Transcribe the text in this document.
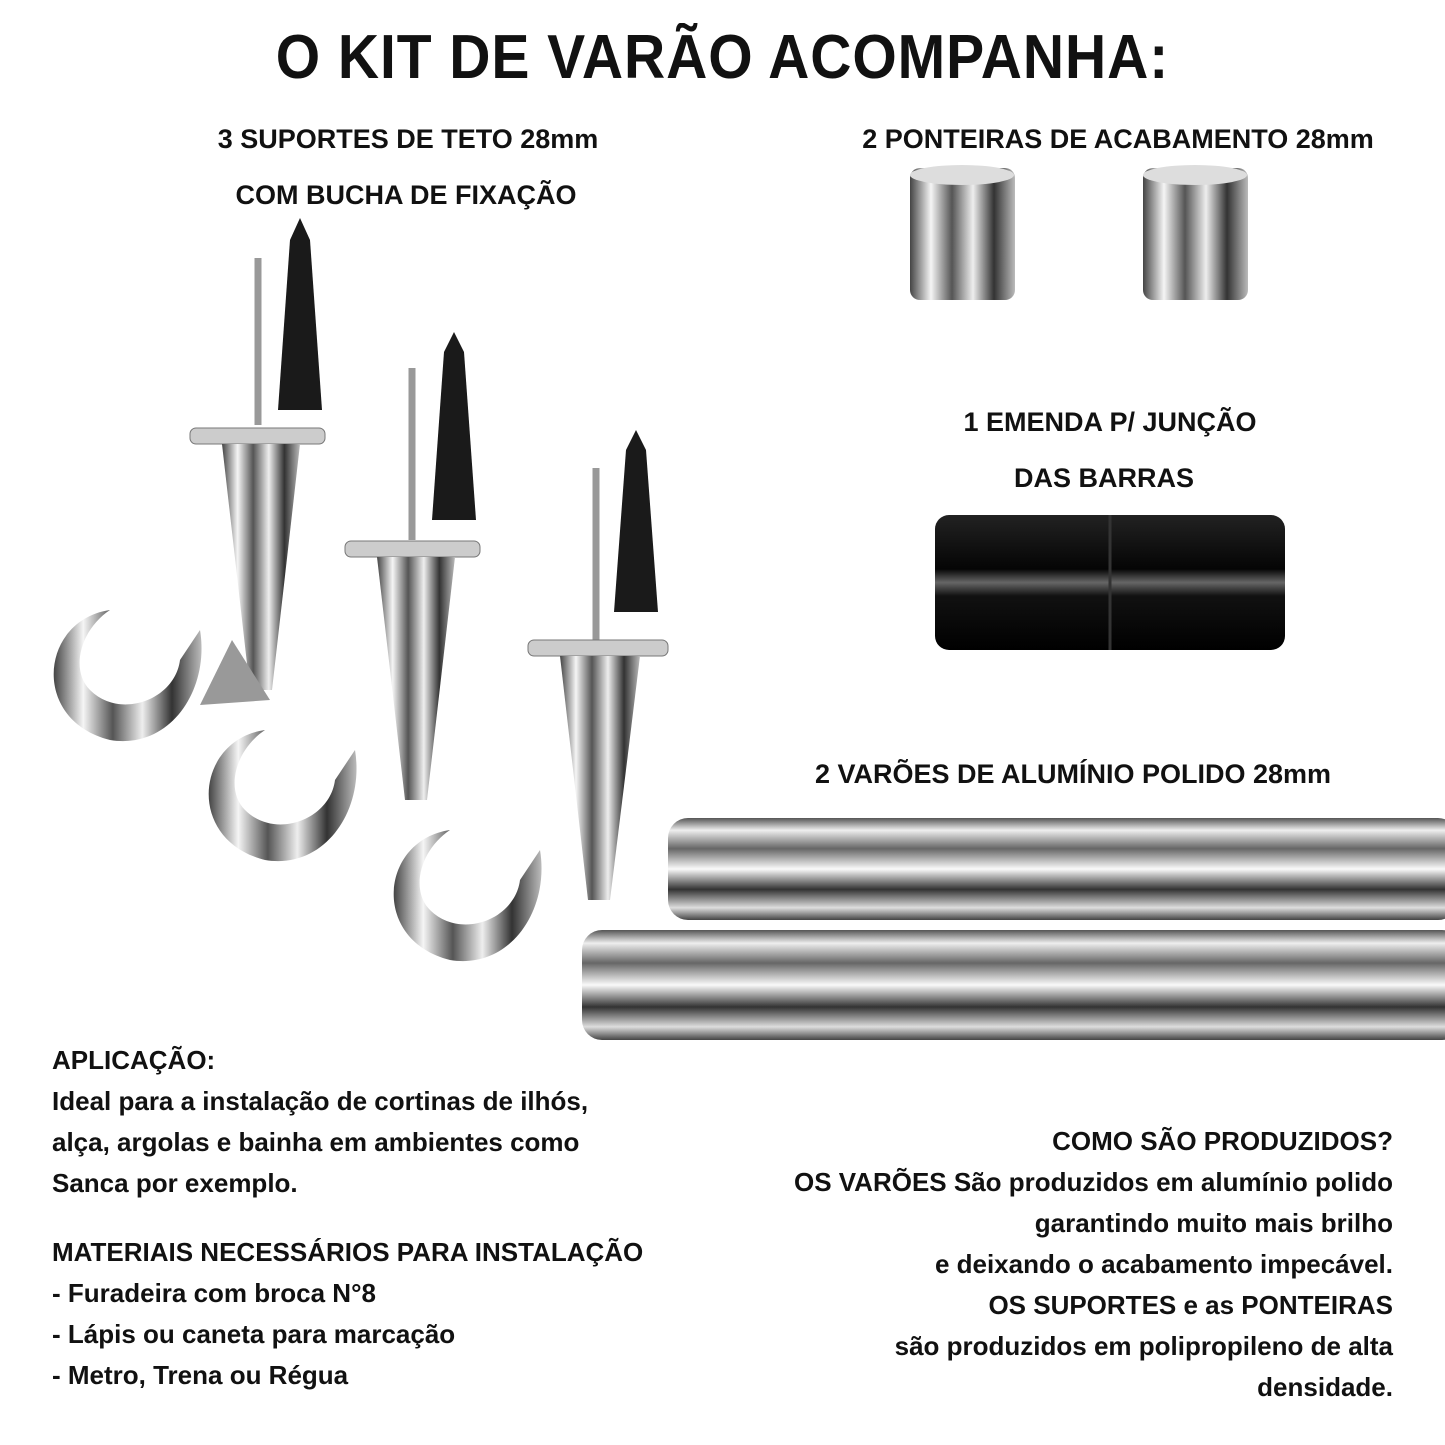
O KIT DE VARÃO ACOMPANHA:
3 SUPORTES DE TETO 28mm
COM BUCHA DE FIXAÇÃO
2 PONTEIRAS DE ACABAMENTO 28mm
1 EMENDA P/ JUNÇÃO
DAS BARRAS
2 VARÕES DE ALUMÍNIO POLIDO 28mm
APLICAÇÃO:
Ideal para a instalação de cortinas de ilhós,
alça, argolas e bainha em ambientes como
Sanca por exemplo.
MATERIAIS NECESSÁRIOS PARA INSTALAÇÃO
- Furadeira com broca N°8
- Lápis ou caneta para marcação
- Metro, Trena ou Régua
COMO SÃO PRODUZIDOS?
OS VARÕES São produzidos em alumínio polido
garantindo muito mais brilho
e deixando o acabamento impecável.
OS SUPORTES e as PONTEIRAS
são produzidos em polipropileno de alta
densidade.
